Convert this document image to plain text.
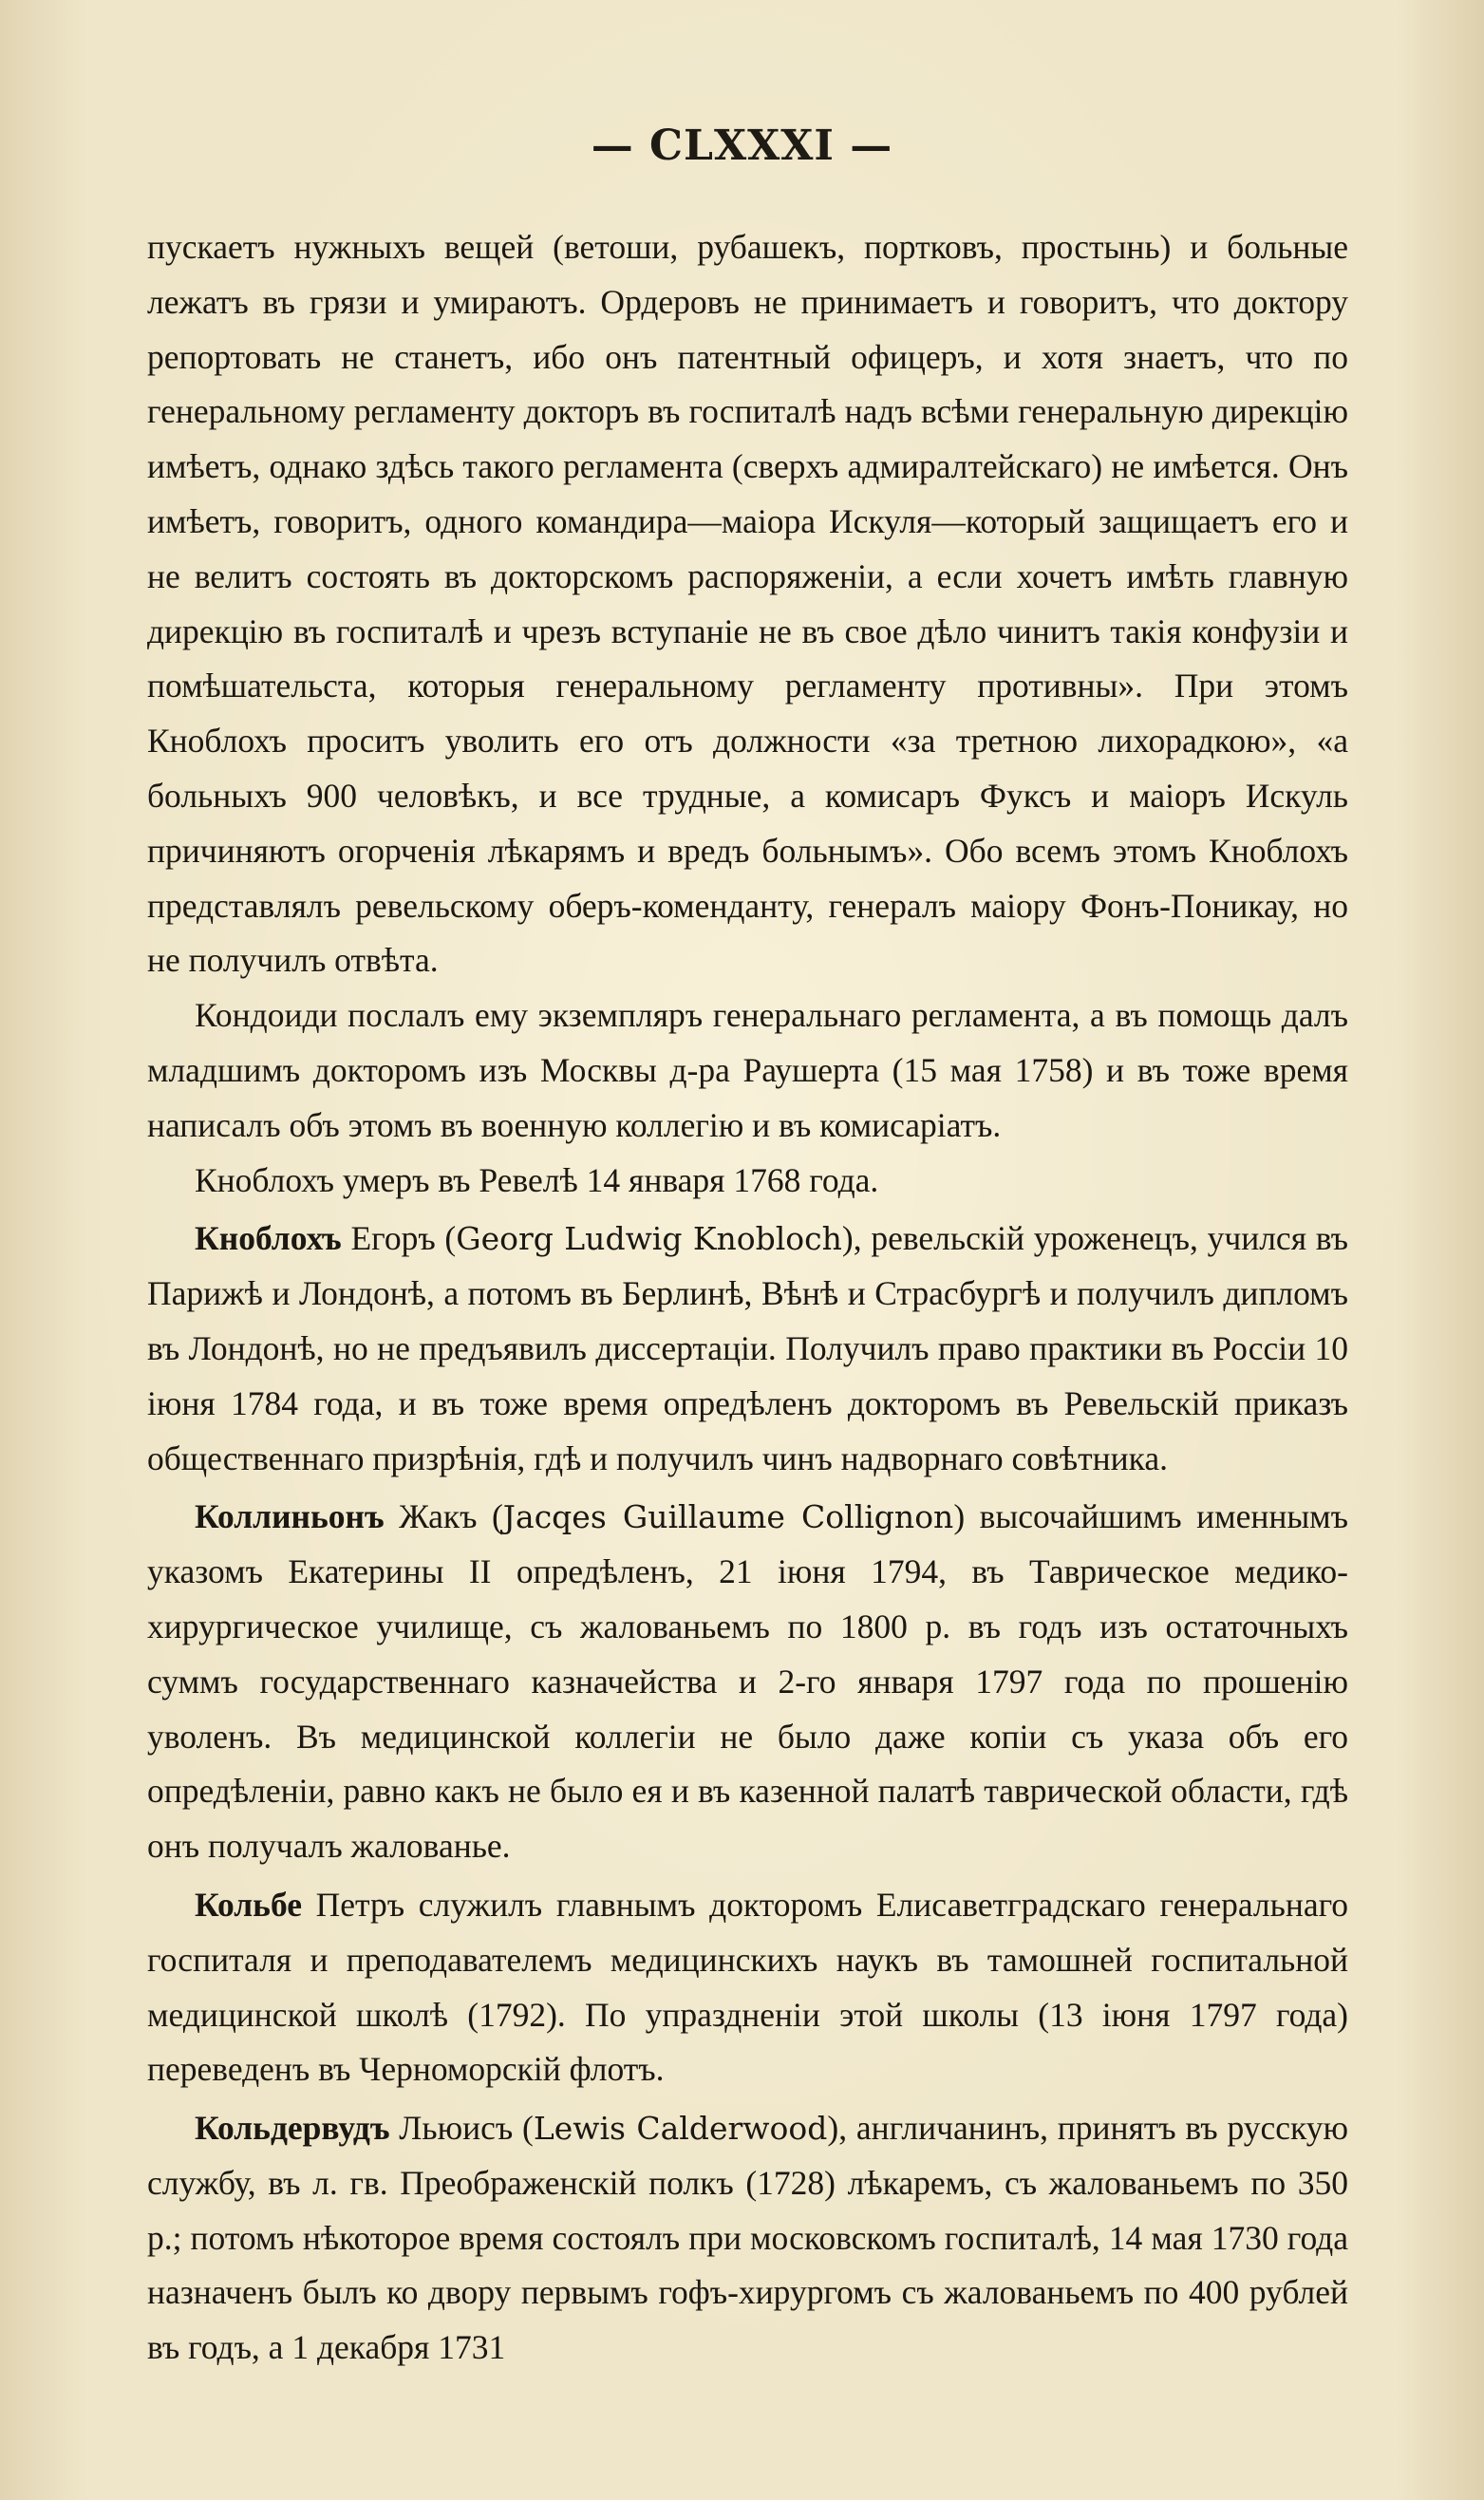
— CLXXXI —

пускаетъ нужныхъ вещей (ветоши, рубашекъ, портковъ, простынь) и больные лежатъ въ грязи и умираютъ. Ордеровъ не принимаетъ и говоритъ, что доктору репортовать не станетъ, ибо онъ патентный офицеръ, и хотя знаетъ, что по генеральному регламенту докторъ въ госпиталѣ надъ всѣми генеральную дирекцію имѣетъ, однако здѣсь такого регламента (сверхъ адмиралтейскаго) не имѣется. Онъ имѣетъ, говоритъ, одного командира—маіора Искуля—который защищаетъ его и не велитъ состоять въ докторскомъ распоряженіи, а если хочетъ имѣть главную дирекцію въ госпиталѣ и чрезъ вступаніе не въ свое дѣло чинитъ такія конфузіи и помѣшательста, которыя генеральному регламенту противны». При этомъ Кноблохъ проситъ уволить его отъ должности «за третною лихорадкою», «а больныхъ 900 человѣкъ, и все трудные, а комисаръ Фуксъ и маіоръ Искуль причиняютъ огорченія лѣкарямъ и вредъ больнымъ». Обо всемъ этомъ Кноблохъ представлялъ ревельскому оберъ-коменданту, генералъ маіору Фонъ-Поникау, но не получилъ отвѣта.

Кондоиди послалъ ему экземпляръ генеральнаго регламента, а въ помощь далъ младшимъ докторомъ изъ Москвы д-ра Раушерта (15 мая 1758) и въ тоже время написалъ объ этомъ въ военную коллегію и въ комисаріатъ.

Кноблохъ умеръ въ Ревелѣ 14 января 1768 года.

Кноблохъ Егоръ (Georg Ludwig Knobloch), ревельскій уроженецъ, учился въ Парижѣ и Лондонѣ, а потомъ въ Берлинѣ, Вѣнѣ и Страсбургѣ и получилъ дипломъ въ Лондонѣ, но не предъявилъ диссертаціи. Получилъ право практики въ Россіи 10 іюня 1784 года, и въ тоже время опредѣленъ докторомъ въ Ревельскій приказъ общественнаго призрѣнія, гдѣ и получилъ чинъ надворнаго совѣтника.

Коллиньонъ Жакъ (Jacqes Guillaume Collignon) высочайшимъ именнымъ указомъ Екатерины II опредѣленъ, 21 іюня 1794, въ Таврическое медико-хирургическое училище, съ жалованьемъ по 1800 р. въ годъ изъ остаточныхъ суммъ государственнаго казначейства и 2-го января 1797 года по прошенію уволенъ. Въ медицинской коллегіи не было даже копіи съ указа объ его опредѣленіи, равно какъ не было ея и въ казенной палатѣ таврической области, гдѣ онъ получалъ жалованье.

Кольбе Петръ служилъ главнымъ докторомъ Елисаветградскаго генеральнаго госпиталя и преподавателемъ медицинскихъ наукъ въ тамошней госпитальной медицинской школѣ (1792). По упраздненіи этой школы (13 іюня 1797 года) переведенъ въ Черноморскій флотъ.

Кольдервудъ Льюисъ (Lewis Calderwood), англичанинъ, принятъ въ русскую службу, въ л. гв. Преображенскій полкъ (1728) лѣкаремъ, съ жалованьемъ по 350 р.; потомъ нѣкоторое время состоялъ при московскомъ госпиталѣ, 14 мая 1730 года назначенъ былъ ко двору первымъ гофъ-хирургомъ съ жалованьемъ по 400 рублей въ годъ, а 1 декабря 1731
